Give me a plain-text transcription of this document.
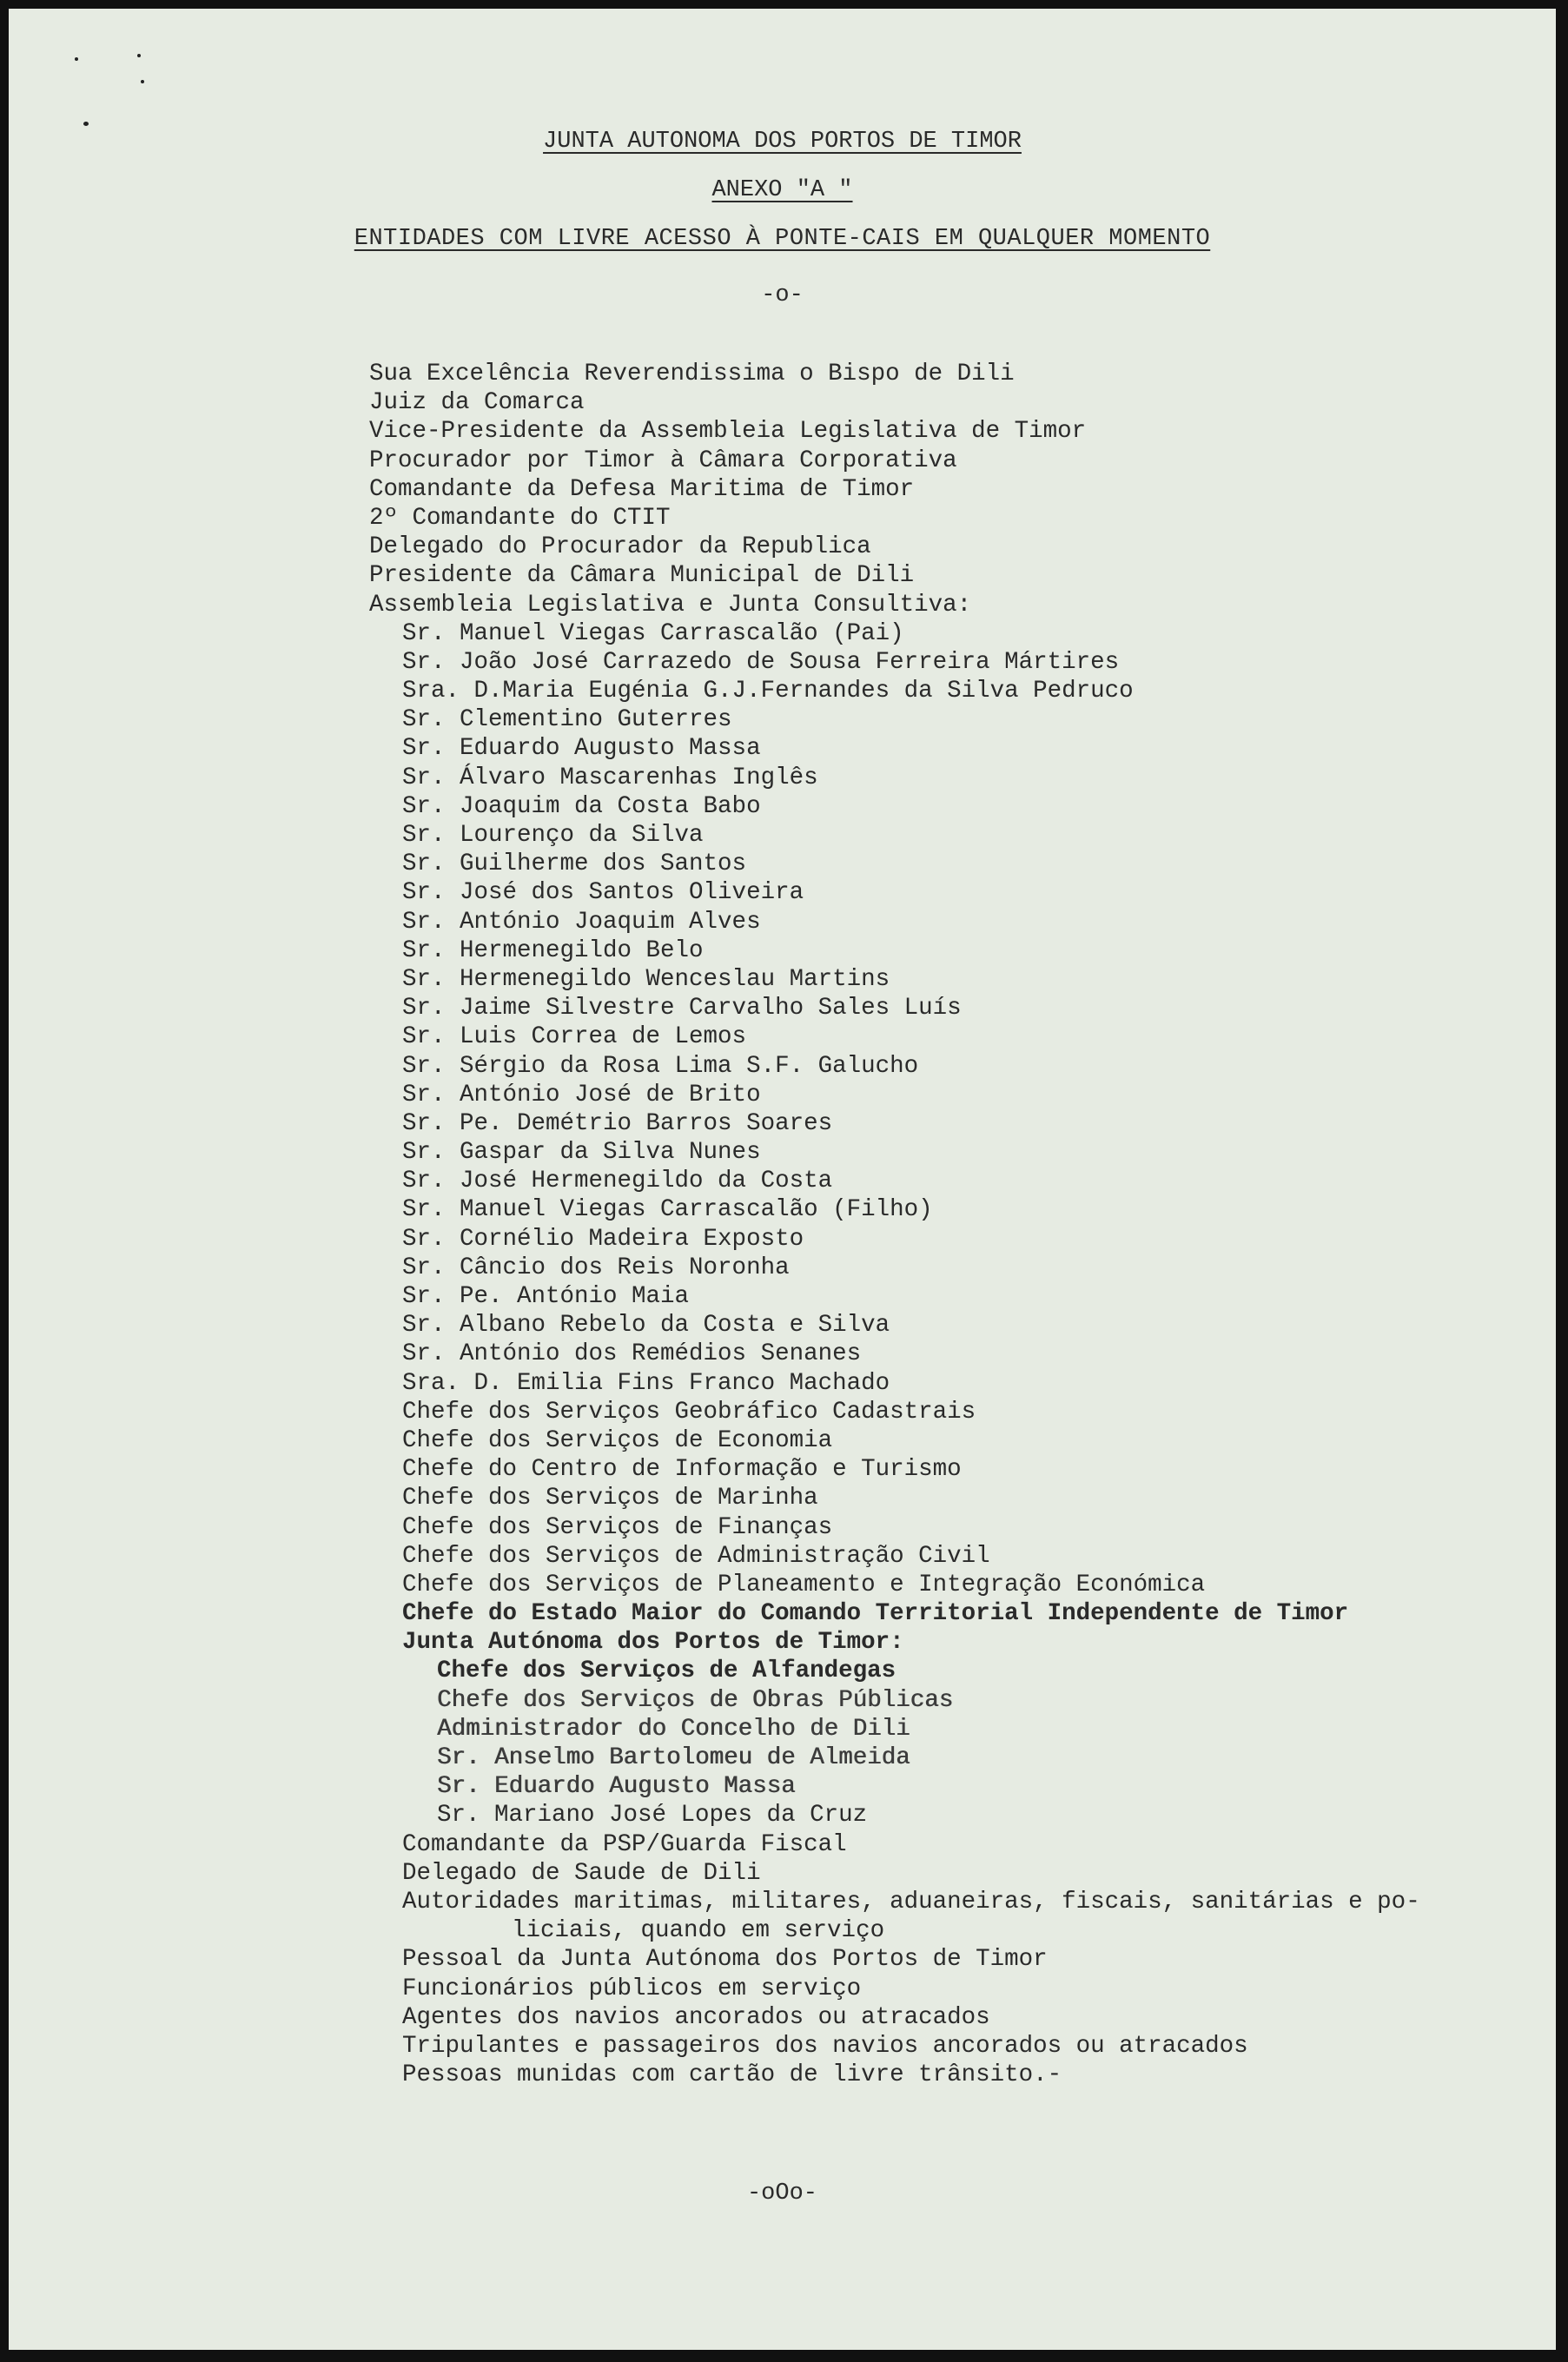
JUNTA AUTONOMA DOS PORTOS DE TIMOR
ANEXO "A "
ENTIDADES COM LIVRE ACESSO À PONTE-CAIS EM QUALQUER MOMENTO
-o-
Sua Excelência Reverendissima o Bispo de Dili
Juiz da Comarca
Vice-Presidente da Assembleia Legislativa de Timor
Procurador por Timor à Câmara Corporativa
Comandante da Defesa Maritima de Timor
2º Comandante do CTIT
Delegado do Procurador da Republica
Presidente da Câmara Municipal de Dili
Assembleia Legislativa e Junta Consultiva:
Sr. Manuel Viegas Carrascalão (Pai)
Sr. João José Carrazedo de Sousa Ferreira Mártires
Sra. D.Maria Eugénia G.J.Fernandes da Silva Pedruco
Sr. Clementino Guterres
Sr. Eduardo Augusto Massa
Sr. Álvaro Mascarenhas Inglês
Sr. Joaquim da Costa Babo
Sr. Lourenço da Silva
Sr. Guilherme dos Santos
Sr. José dos Santos Oliveira
Sr. António Joaquim Alves
Sr. Hermenegildo Belo
Sr. Hermenegildo Wenceslau Martins
Sr. Jaime Silvestre Carvalho Sales Luís
Sr. Luis Correa de Lemos
Sr. Sérgio da Rosa Lima S.F. Galucho
Sr. António José de Brito
Sr. Pe. Demétrio Barros Soares
Sr. Gaspar da Silva Nunes
Sr. José Hermenegildo da Costa
Sr. Manuel Viegas Carrascalão (Filho)
Sr. Cornélio Madeira Exposto
Sr. Câncio dos Reis Noronha
Sr. Pe. António Maia
Sr. Albano Rebelo da Costa e Silva
Sr. António dos Remédios Senanes
Sra. D. Emilia Fins Franco Machado
Chefe dos Serviços Geobráfico Cadastrais
Chefe dos Serviços de Economia
Chefe do Centro de Informação e Turismo
Chefe dos Serviços de Marinha
Chefe dos Serviços de Finanças
Chefe dos Serviços de Administração Civil
Chefe dos Serviços de Planeamento e Integração Económica
Chefe do Estado Maior do Comando Territorial Independente de Timor
Junta Autónoma dos Portos de Timor:
Chefe dos Serviços de Alfandegas
Chefe dos Serviços de Obras Públicas
Administrador do Concelho de Dili
Sr. Anselmo Bartolomeu de Almeida
Sr. Eduardo Augusto Massa
Sr. Mariano José Lopes da Cruz
Comandante da PSP/Guarda Fiscal
Delegado de Saude de Dili
Autoridades maritimas, militares, aduaneiras, fiscais, sanitárias e po-
liciais, quando em serviço
Pessoal da Junta Autónoma dos Portos de Timor
Funcionários públicos em serviço
Agentes dos navios ancorados ou atracados
Tripulantes e passageiros dos navios ancorados ou atracados
Pessoas munidas com cartão de livre trânsito.-
-oOo-
